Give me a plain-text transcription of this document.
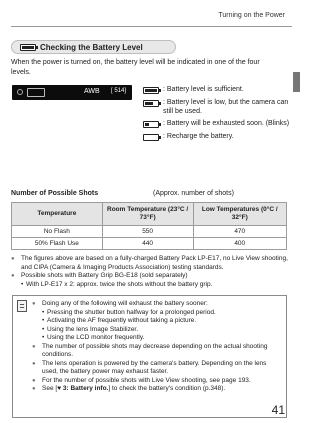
Turning on the Power
Checking the Battery Level
When the power is turned on, the battery level will be indicated in one of the four levels.
AWB [ 514]	: Battery level is sufficient.
: Battery level is low, but the camera can still be used.
: Battery will be exhausted soon. (Blinks)
: Recharge the battery.
Number of Possible Shots	(Approx. number of shots)
Temperature	Room Temperature (23°C / 73°F)	Low Temperatures (0°C / 32°F)
No Flash	550	470
50% Flash Use	440	400
● The figures above are based on a fully-charged Battery Pack LP-E17, no Live View shooting, and CIPA (Camera & Imaging Products Association) testing standards.
● Possible shots with Battery Grip BG-E18 (sold separately)
• With LP-E17 x 2: approx. twice the shots without the battery grip.
● Doing any of the following will exhaust the battery sooner:
• Pressing the shutter button halfway for a prolonged period.
• Activating the AF frequently without taking a picture.
• Using the lens Image Stabilizer.
• Using the LCD monitor frequently.
● The number of possible shots may decrease depending on the actual shooting conditions.
● The lens operation is powered by the camera's battery. Depending on the lens used, the battery power may exhaust faster.
● For the number of possible shots with Live View shooting, see page 193.
● See [♥ 3: Battery info.] to check the battery's condition (p.348).
41
